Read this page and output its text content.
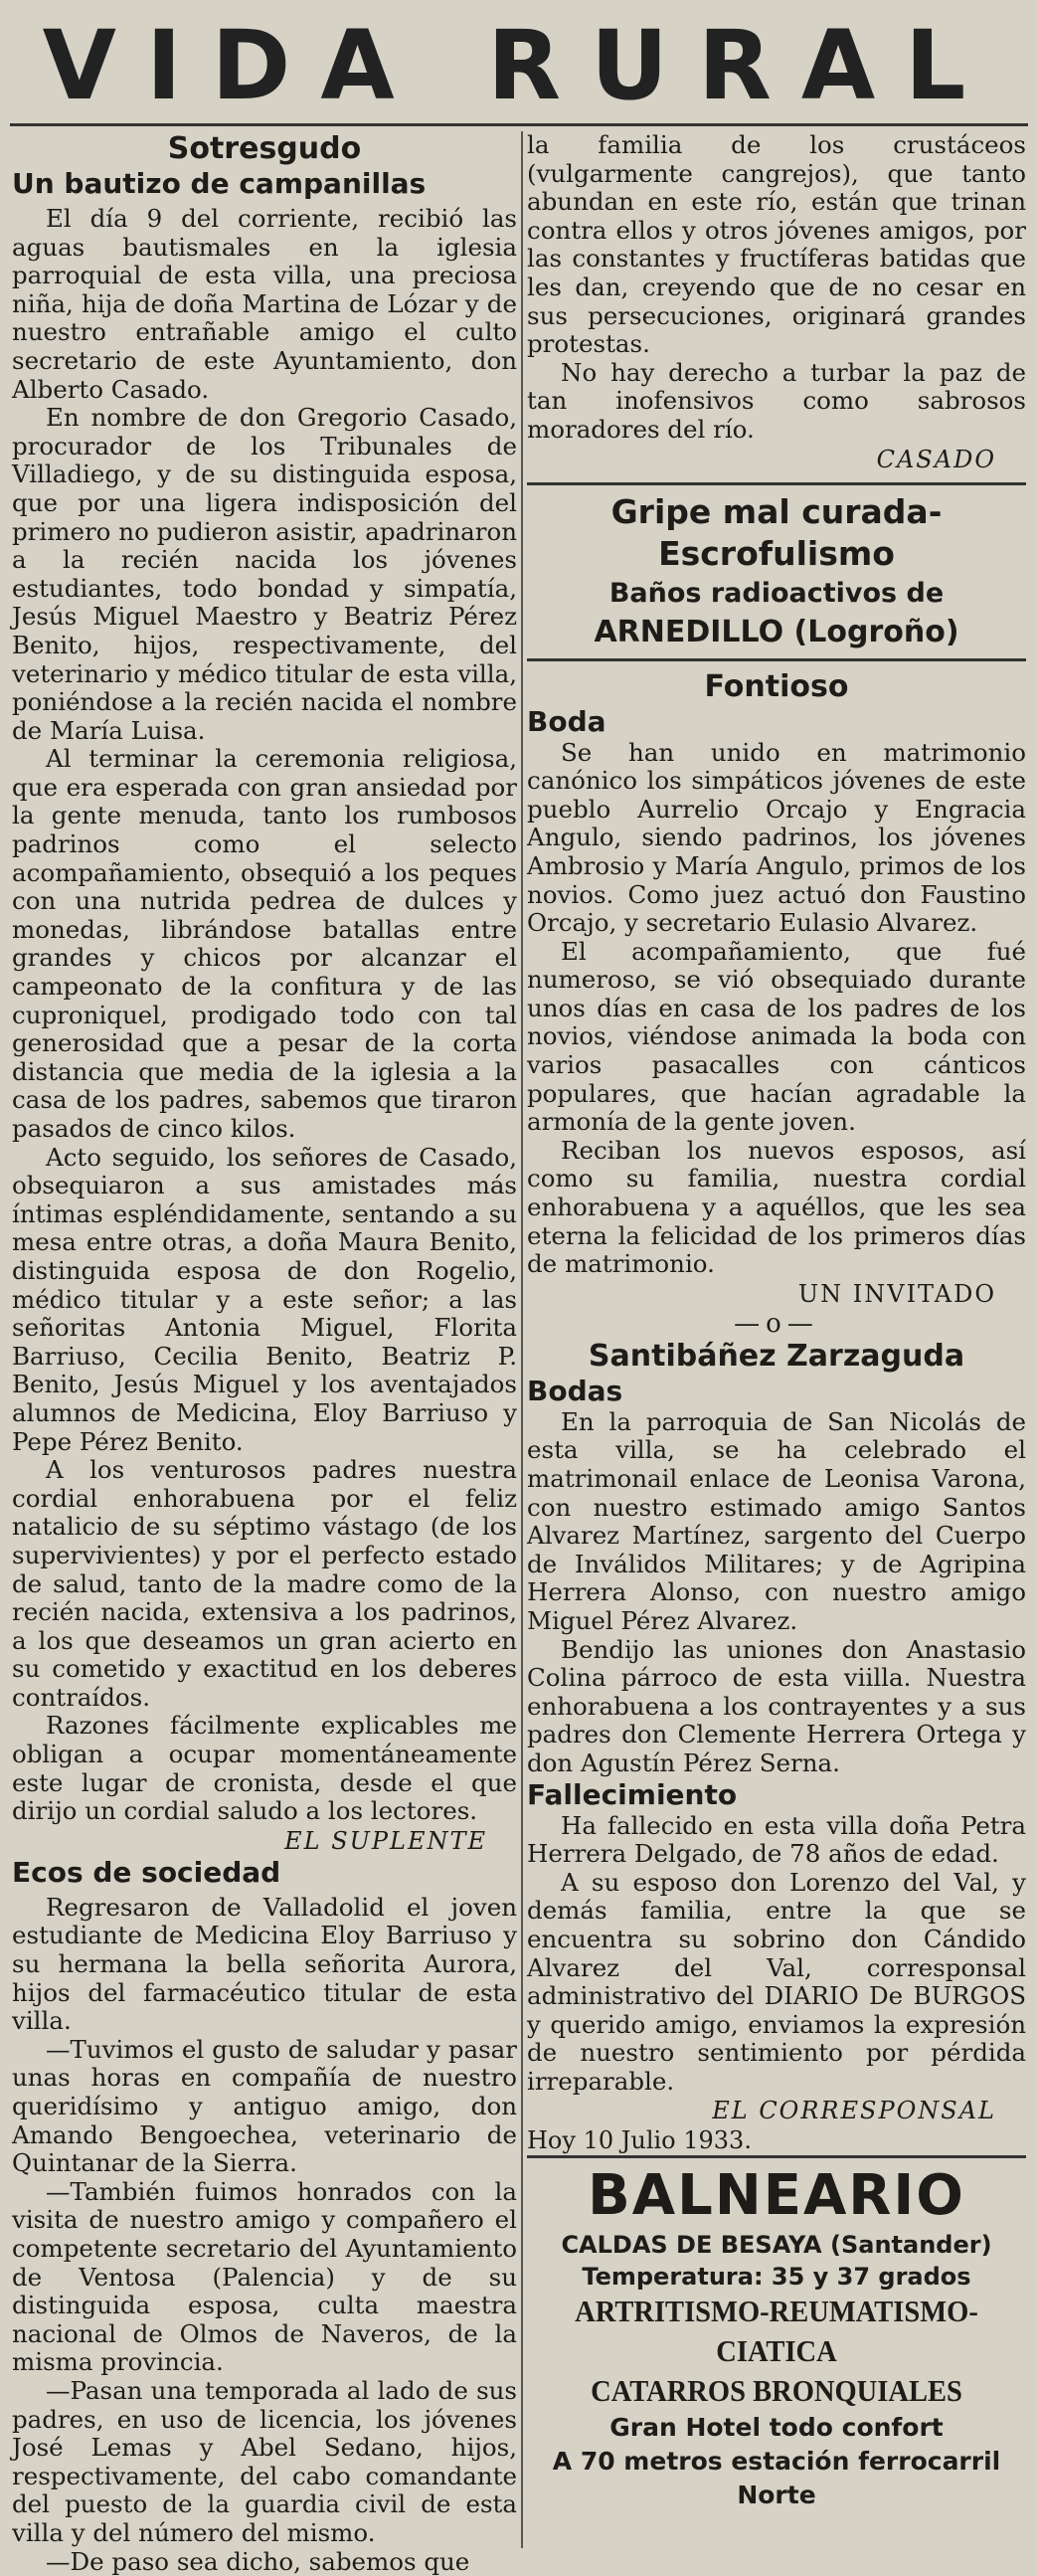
VIDA RURAL
Sotresgudo
Un bautizo de campanillas

El día 9 del corriente, recibió las aguas bautismales en la iglesia parroquial de esta villa, una preciosa niña, hija de doña Martina de Lózar y de nuestro entrañable amigo el culto secretario de este Ayuntamiento, don Alberto Casado.

En nombre de don Gregorio Casado, procurador de los Tribunales de Villadiego, y de su distinguida esposa, que por una ligera indisposición del primero no pudieron asistir, apadrinaron a la recién nacida los jóvenes estudiantes, todo bondad y simpatía, Jesús Miguel Maestro y Beatriz Pérez Benito, hijos, respectivamente, del veterinario y médico titular de esta villa, poniéndose a la recién nacida el nombre de María Luisa.

Al terminar la ceremonia religiosa, que era esperada con gran ansiedad por la gente menuda, tanto los rumbosos padrinos como el selecto acompañamiento, obsequió a los peques con una nutrida pedrea de dulces y monedas, librándose batallas entre grandes y chicos por alcanzar el campeonato de la confitura y de las cuproniquel, prodigado todo con tal generosidad que a pesar de la corta distancia que media de la iglesia a la casa de los padres, sabemos que tiraron pasados de cinco kilos.

Acto seguido, los señores de Casado, obsequiaron a sus amistades más íntimas espléndidamente, sentando a su mesa entre otras, a doña Maura Benito, distinguida esposa de don Rogelio, médico titular y a este señor; a las señoritas Antonia Miguel, Florita Barriuso, Cecilia Benito, Beatriz P. Benito, Jesús Miguel y los aventajados alumnos de Medicina, Eloy Barriuso y Pepe Pérez Benito.

A los venturosos padres nuestra cordial enhorabuena por el feliz natalicio de su séptimo vástago (de los supervivientes) y por el perfecto estado de salud, tanto de la madre como de la recién nacida, extensiva a los padrinos, a los que deseamos un gran acierto en su cometido y exactitud en los deberes contraídos.

Razones fácilmente explicables me obligan a ocupar momentáneamente este lugar de cronista, desde el que dirijo un cordial saludo a los lectores.

EL SUPLENTE
Ecos de sociedad

Regresaron de Valladolid el joven estudiante de Medicina Eloy Barriuso y su hermana la bella señorita Aurora, hijos del farmacéutico titular de esta villa.

—Tuvimos el gusto de saludar y pasar unas horas en compañía de nuestro queridísimo y antiguo amigo, don Amando Bengoechea, veterinario de Quintanar de la Sierra.

—También fuimos honrados con la visita de nuestro amigo y compañero el competente secretario del Ayuntamiento de Ventosa (Palencia) y de su distinguida esposa, culta maestra nacional de Olmos de Naveros, de la misma provincia.

—Pasan una temporada al lado de sus padres, en uso de licencia, los jóvenes José Lemas y Abel Sedano, hijos, respectivamente, del cabo comandante del puesto de la guardia civil de esta villa y del número del mismo.

—De paso sea dicho, sabemos que

la familia de los crustáceos (vulgarmente cangrejos), que tanto abundan en este río, están que trinan contra ellos y otros jóvenes amigos, por las constantes y fructíferas batidas que les dan, creyendo que de no cesar en sus persecuciones, originará grandes protestas.

No hay derecho a turbar la paz de tan inofensivos como sabrosos moradores del río.

CASADO
Gripe mal curada-Escrofulismo
Baños radioactivos de
ARNEDILLO (Logroño)
Fontioso
Boda

Se han unido en matrimonio canónico los simpáticos jóvenes de este pueblo Aurrelio Orcajo y Engracia Angulo, siendo padrinos, los jóvenes Ambrosio y María Angulo, primos de los novios. Como juez actuó don Faustino Orcajo, y secretario Eulasio Alvarez.

El acompañamiento, que fué numeroso, se vió obsequiado durante unos días en casa de los padres de los novios, viéndose animada la boda con varios pasacalles con cánticos populares, que hacían agradable la armonía de la gente joven.

Reciban los nuevos esposos, así como su familia, nuestra cordial enhorabuena y a aquéllos, que les sea eterna la felicidad de los primeros días de matrimonio.

UN INVITADO
—o—
Santibáñez Zarzaguda
Bodas

En la parroquia de San Nicolás de esta villa, se ha celebrado el matrimonail enlace de Leonisa Varona, con nuestro estimado amigo Santos Alvarez Martínez, sargento del Cuerpo de Inválidos Militares; y de Agripina Herrera Alonso, con nuestro amigo Miguel Pérez Alvarez.

Bendijo las uniones don Anastasio Colina párroco de esta viilla. Nuestra enhorabuena a los contrayentes y a sus padres don Clemente Herrera Ortega y don Agustín Pérez Serna.

Fallecimiento

Ha fallecido en esta villa doña Petra Herrera Delgado, de 78 años de edad.

A su esposo don Lorenzo del Val, y demás familia, entre la que se encuentra su sobrino don Cándido Alvarez del Val, corresponsal administrativo del DIARIO De BURGOS y querido amigo, enviamos la expresión de nuestro sentimiento por pérdida irreparable.

EL CORRESPONSAL
Hoy 10 Julio 1933.
BALNEARIO
CALDAS DE BESAYA (Santander)
Temperatura: 35 y 37 grados
ARTRITISMO-REUMATISMO-CIATICA
CATARROS BRONQUIALES
Gran Hotel todo confort
A 70 metros estación ferrocarril Norte
